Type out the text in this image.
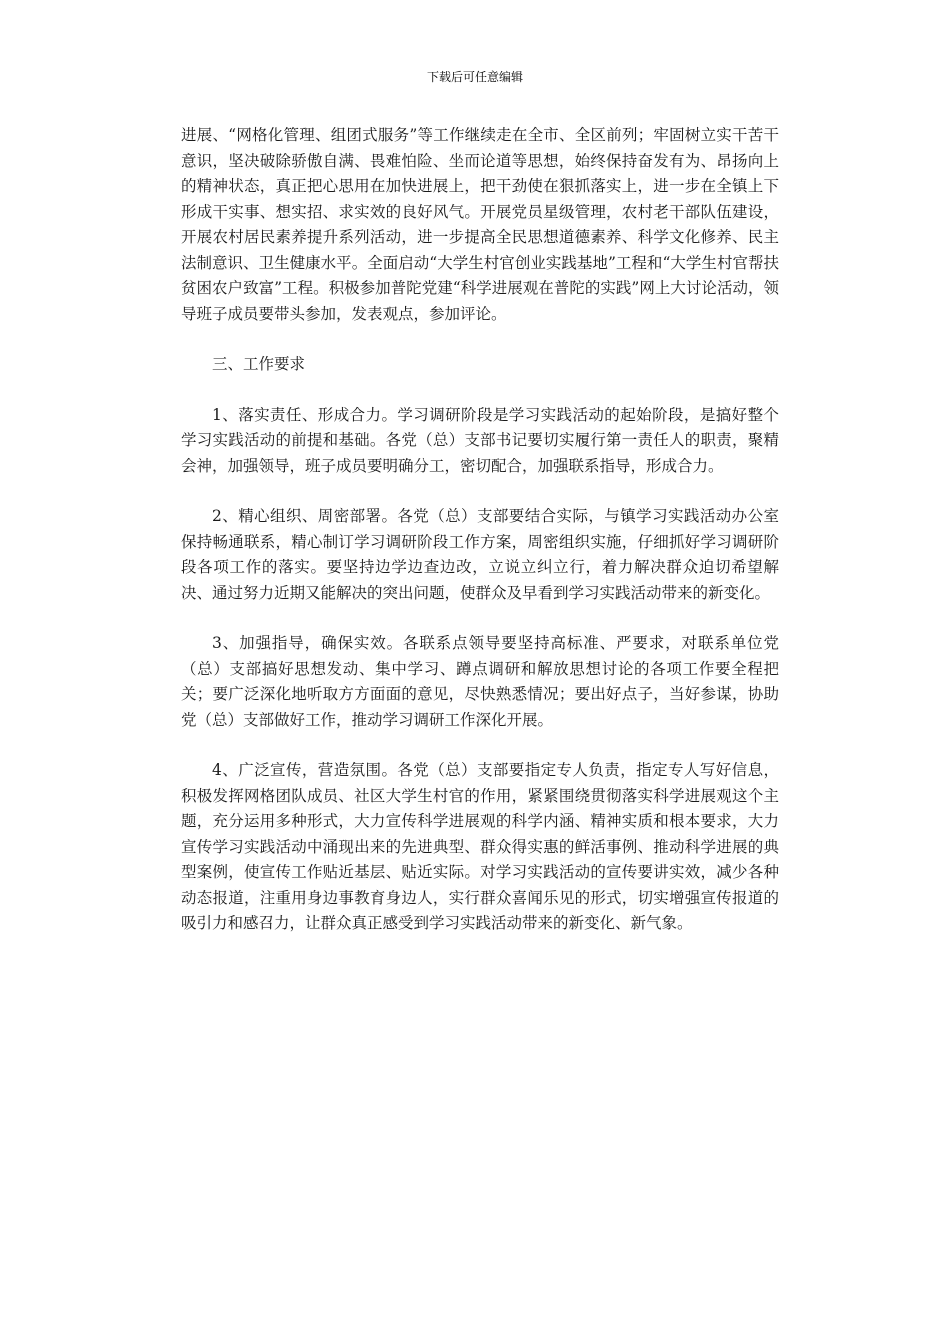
下载后可任意编辑

进展、“网格化管理、组团式服务”等工作继续走在全市、全区前列；牢固树立实干苦干意识，坚决破除骄傲自满、畏难怕险、坐而论道等思想，始终保持奋发有为、昂扬向上的精神状态，真正把心思用在加快进展上，把干劲使在狠抓落实上，进一步在全镇上下形成干实事、想实招、求实效的良好风气。开展党员星级管理，农村老干部队伍建设，开展农村居民素养提升系列活动，进一步提高全民思想道德素养、科学文化修养、民主法制意识、卫生健康水平。全面启动“大学生村官创业实践基地”工程和“大学生村官帮扶贫困农户致富”工程。积极参加普陀党建“科学进展观在普陀的实践”网上大讨论活动，领导班子成员要带头参加，发表观点，参加评论。

三、工作要求

1、落实责任、形成合力。学习调研阶段是学习实践活动的起始阶段，是搞好整个学习实践活动的前提和基础。各党（总）支部书记要切实履行第一责任人的职责，聚精会神，加强领导，班子成员要明确分工，密切配合，加强联系指导，形成合力。

2、精心组织、周密部署。各党（总）支部要结合实际，与镇学习实践活动办公室保持畅通联系，精心制订学习调研阶段工作方案，周密组织实施，仔细抓好学习调研阶段各项工作的落实。要坚持边学边查边改，立说立纠立行，着力解决群众迫切希望解决、通过努力近期又能解决的突出问题，使群众及早看到学习实践活动带来的新变化。

3、加强指导，确保实效。各联系点领导要坚持高标准、严要求，对联系单位党（总）支部搞好思想发动、集中学习、蹲点调研和解放思想讨论的各项工作要全程把关；要广泛深化地听取方方面面的意见，尽快熟悉情况；要出好点子，当好参谋，协助党（总）支部做好工作，推动学习调研工作深化开展。

4、广泛宣传，营造氛围。各党（总）支部要指定专人负责，指定专人写好信息，积极发挥网格团队成员、社区大学生村官的作用，紧紧围绕贯彻落实科学进展观这个主题，充分运用多种形式，大力宣传科学进展观的科学内涵、精神实质和根本要求，大力宣传学习实践活动中涌现出来的先进典型、群众得实惠的鲜活事例、推动科学进展的典型案例，使宣传工作贴近基层、贴近实际。对学习实践活动的宣传要讲实效，减少各种动态报道，注重用身边事教育身边人，实行群众喜闻乐见的形式，切实增强宣传报道的吸引力和感召力，让群众真正感受到学习实践活动带来的新变化、新气象。
